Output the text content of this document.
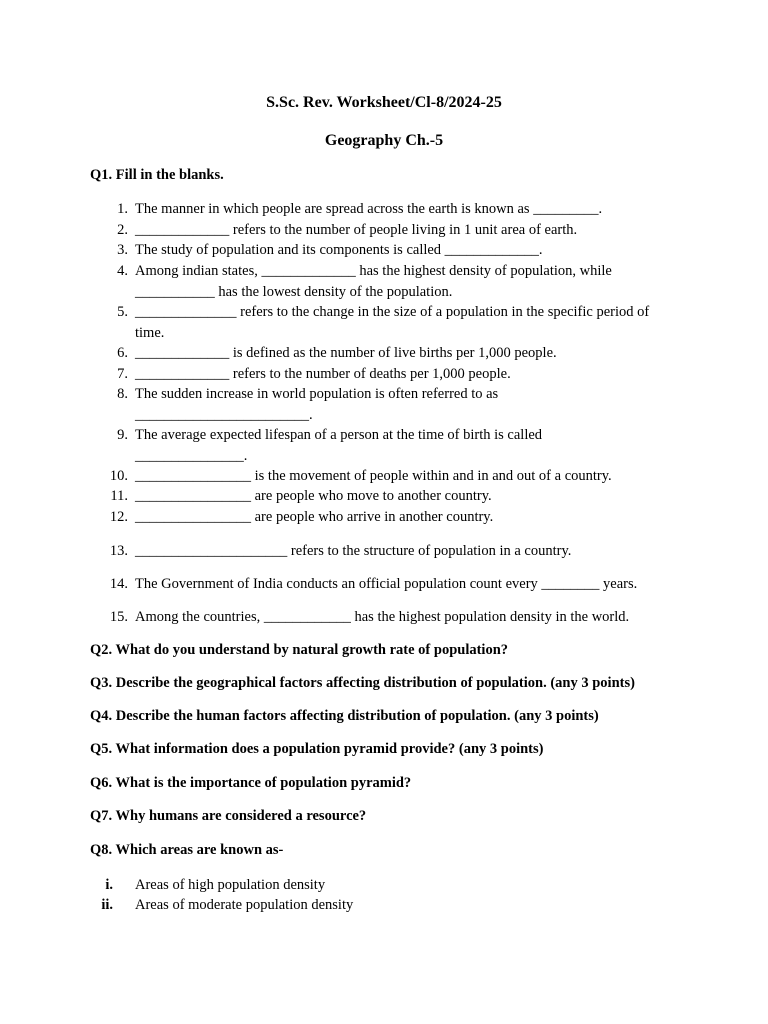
S.Sc. Rev. Worksheet/Cl-8/2024-25
Geography Ch.-5
Q1. Fill in the blanks.
1. The manner in which people are spread across the earth is known as _________.
2. _____________ refers to the number of people living in 1 unit area of earth.
3. The study of population and its components is called _____________.
4. Among indian states, _____________ has the highest density of population, while ___________ has the lowest density of the population.
5. ______________ refers to the change in the size of a population in the specific period of time.
6. _____________ is defined as the number of live births per 1,000 people.
7. _____________ refers to the number of deaths per 1,000 people.
8. The sudden increase in world population is often referred to as ________________________.
9. The average expected lifespan of a person at the time of birth is called _______________.
10. ________________ is the movement of people within and in and out of a country.
11. ________________ are people who move to another country.
12. ________________ are people who arrive in another country.
13. _____________________ refers to the structure of population in a country.
14. The Government of India conducts an official population count every ________ years.
15. Among the countries, ____________ has the highest population density in the world.
Q2. What do you understand by natural growth rate of population?
Q3. Describe the geographical factors affecting distribution of population. (any 3 points)
Q4. Describe the human factors affecting distribution of population. (any 3 points)
Q5. What information does a population pyramid provide? (any 3 points)
Q6. What is the importance of population pyramid?
Q7. Why humans are considered a resource?
Q8. Which areas are known as-
i. Areas of high population density
ii. Areas of moderate population density
